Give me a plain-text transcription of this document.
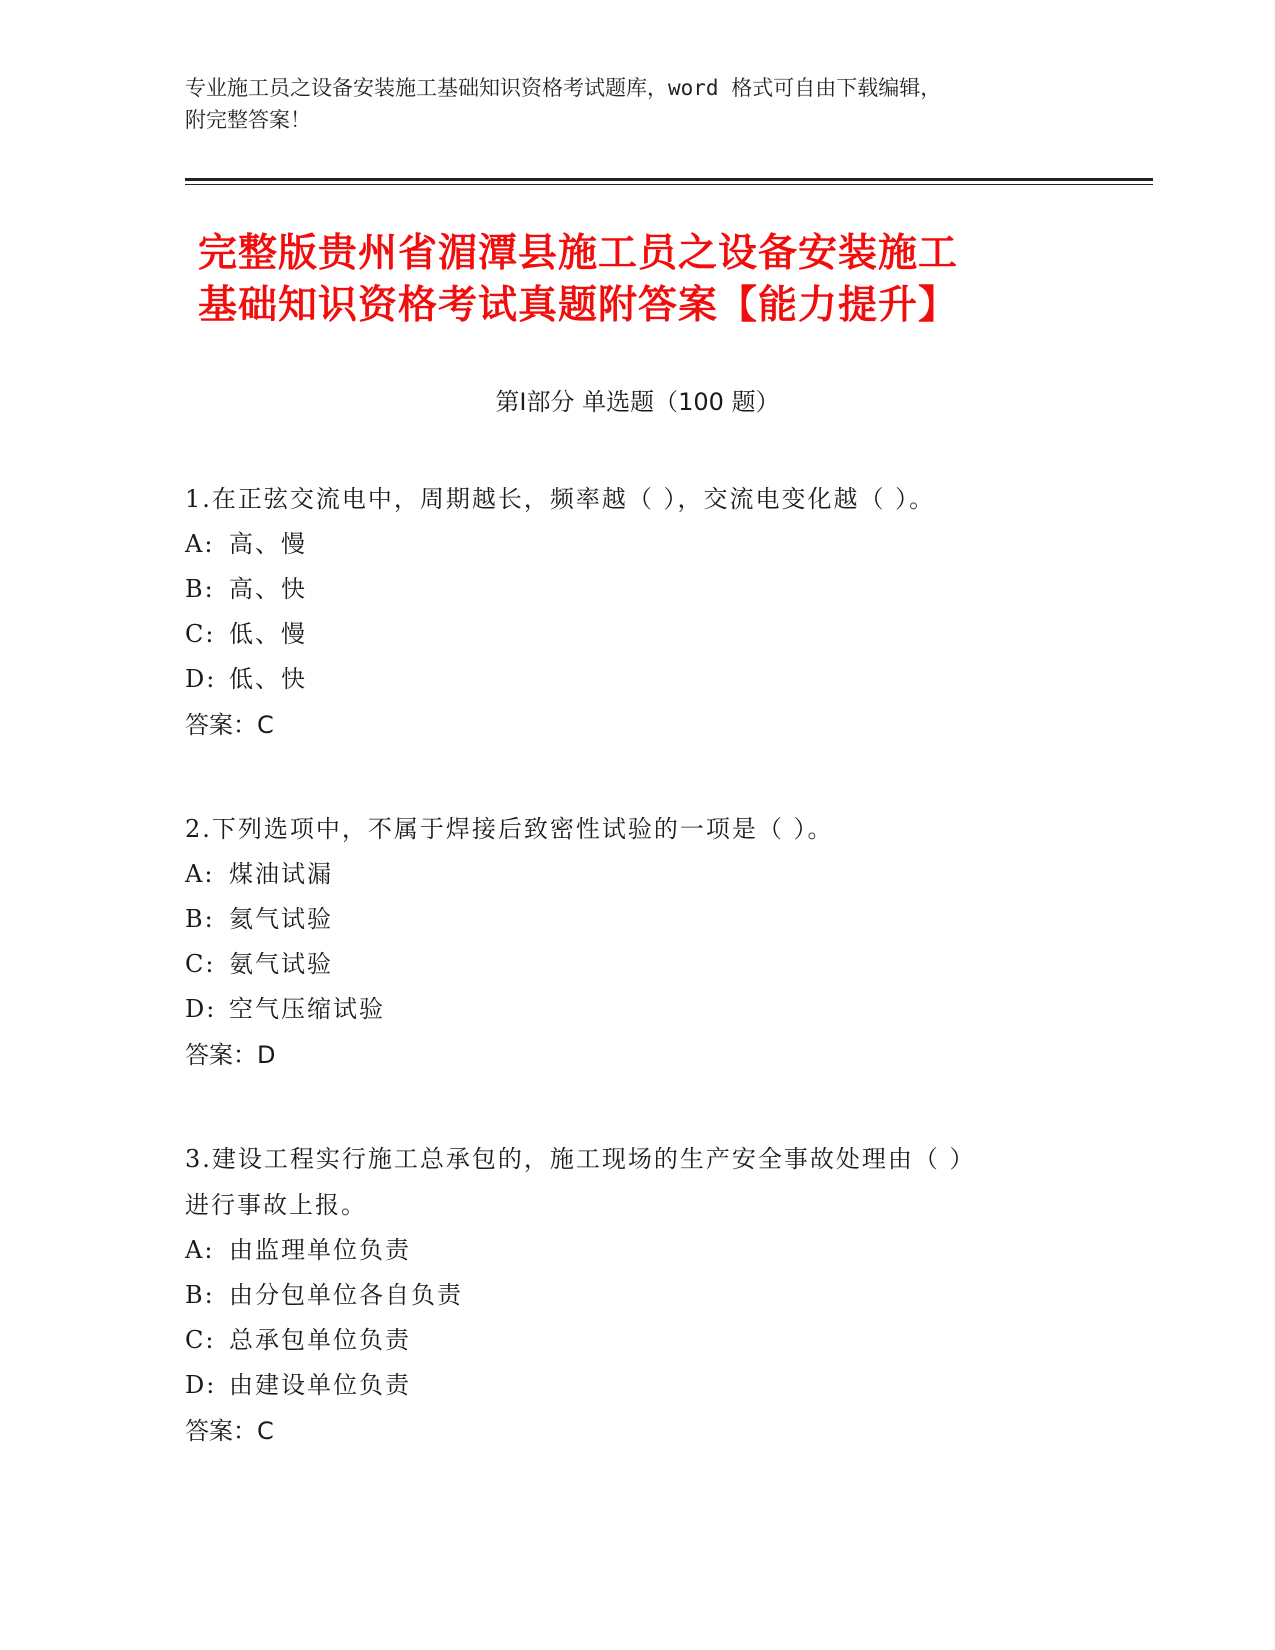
专业施工员之设备安装施工基础知识资格考试题库，word 格式可自由下载编辑，
附完整答案！
完整版贵州省湄潭县施工员之设备安装施工
基础知识资格考试真题附答案【能力提升】
第Ⅰ部分 单选题（100 题）

1.在正弦交流电中，周期越长，频率越（ ），交流电变化越（ ）。

A: 高、慢

B: 高、快

C: 低、慢

D: 低、快

答案：C

2.下列选项中，不属于焊接后致密性试验的一项是（ ）。

A: 煤油试漏

B: 氦气试验

C: 氨气试验

D: 空气压缩试验

答案：D

3.建设工程实行施工总承包的，施工现场的生产安全事故处理由（ ）

进行事故上报。

A: 由监理单位负责

B: 由分包单位各自负责

C: 总承包单位负责

D: 由建设单位负责

答案：C
